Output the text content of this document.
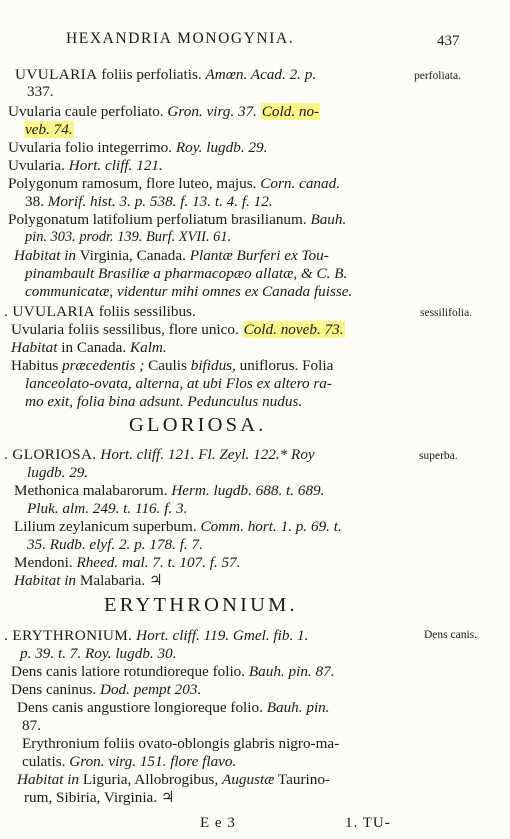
HEXANDRIA MONOGYNIA.	437
UVULARIA foliis perfoliatis. Amœn. Acad. 2. p.
337.
Uvularia caule perfoliato. Gron. virg. 37. Cold. no-
veb. 74.
Uvularia folio integerrimo. Roy. lugdb. 29.
Uvularia. Hort. cliff. 121.
Polygonum ramosum, flore luteo, majus. Corn. canad.
38. Morif. hist. 3. p. 538. f. 13. t. 4. f. 12.
Polygonatum latifolium perfoliatum brasilianum. Bauh.
pin. 303. prodr. 139. Burf. XVII. 61.
Habitat in Virginia, Canada. Plantæ Burferi ex Tou-
pinambault Brasiliæ a pharmacopæo allatæ, & C. B.
communicatæ, videntur mihi omnes ex Canada fuisse.
. UVULARIA foliis sessilibus.
Uvularia foliis sessilibus, flore unico. Cold. noveb. 73.
Habitat in Canada. Kalm.
Habitus præcedentis ; Caulis bifidus, uniflorus. Folia
lanceolato-ovata, alterna, at ubi Flos ex altero ra-
mo exit, folia bina adsunt. Pedunculus nudus.
GLORIOSA.
. GLORIOSA. Hort. cliff. 121. Fl. Zeyl. 122.* Roy
lugdb. 29.
Methonica malabarorum. Herm. lugdb. 688. t. 689.
Pluk. alm. 249. t. 116. f. 3.
Lilium zeylanicum superbum. Comm. hort. 1. p. 69. t.
35. Rudb. elyf. 2. p. 178. f. 7.
Mendoni. Rheed. mal. 7. t. 107. f. 57.
Habitat in Malabaria. ♃
ERYTHRONIUM.
. ERYTHRONIUM. Hort. cliff. 119. Gmel. fib. 1.
p. 39. t. 7. Roy. lugdb. 30.
Dens canis latiore rotundioreque folio. Bauh. pin. 87.
Dens caninus. Dod. pempt 203.
Dens canis angustiore longioreque folio. Bauh. pin.
87.
Erythronium foliis ovato-oblongis glabris nigro-ma-
culatis. Gron. virg. 151. flore flavo.
Habitat in Liguria, Allobrogibus, Augustæ Taurino-
rum, Sibiria, Virginia. ♃
perfoliata.
sessilifolia.
superba.
Dens canis.
E e 3	1. TU-
